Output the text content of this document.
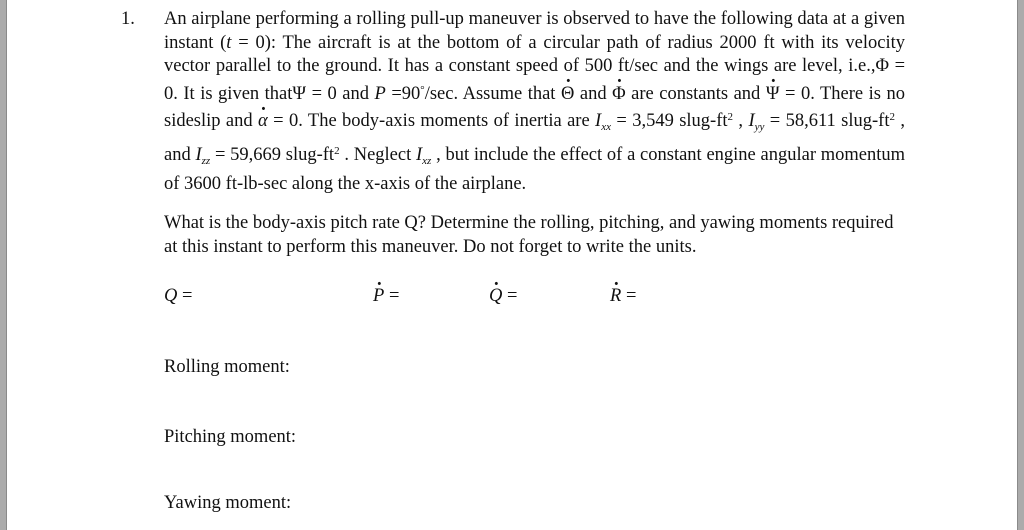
1. An airplane performing a rolling pull-up maneuver is observed to have the following data at a given instant (t = 0): The aircraft is at the bottom of a circular path of radius 2000 ft with its velocity vector parallel to the ground. It has a constant speed of 500 ft/sec and the wings are level, i.e.,Φ = 0. It is given thatΨ = 0 and P =90°/sec. Assume that · Θ and · Φ are constants and · Ψ = 0. There is no sideslip and · α = 0. The body-axis moments of inertia are $I_{xx} = 3,549$ slug-$ft^2$ , $I_{yy} = 58,611$ slug-$ft^2$ , and $I_{zz} = 59,669$ slug-$ft^2$ . Neglect $I_{xz}$ , but include the effect of a constant engine angular momentum of 3600 ft-lb-sec along the x-axis of the airplane.

What is the body-axis pitch rate Q? Determine the rolling, pitching, and yawing moments required at this instant to perform this maneuver. Do not forget to write the units.

Q =	· P =	· Q =	· R =
Rolling moment:
Pitching moment:
Yawing moment:
